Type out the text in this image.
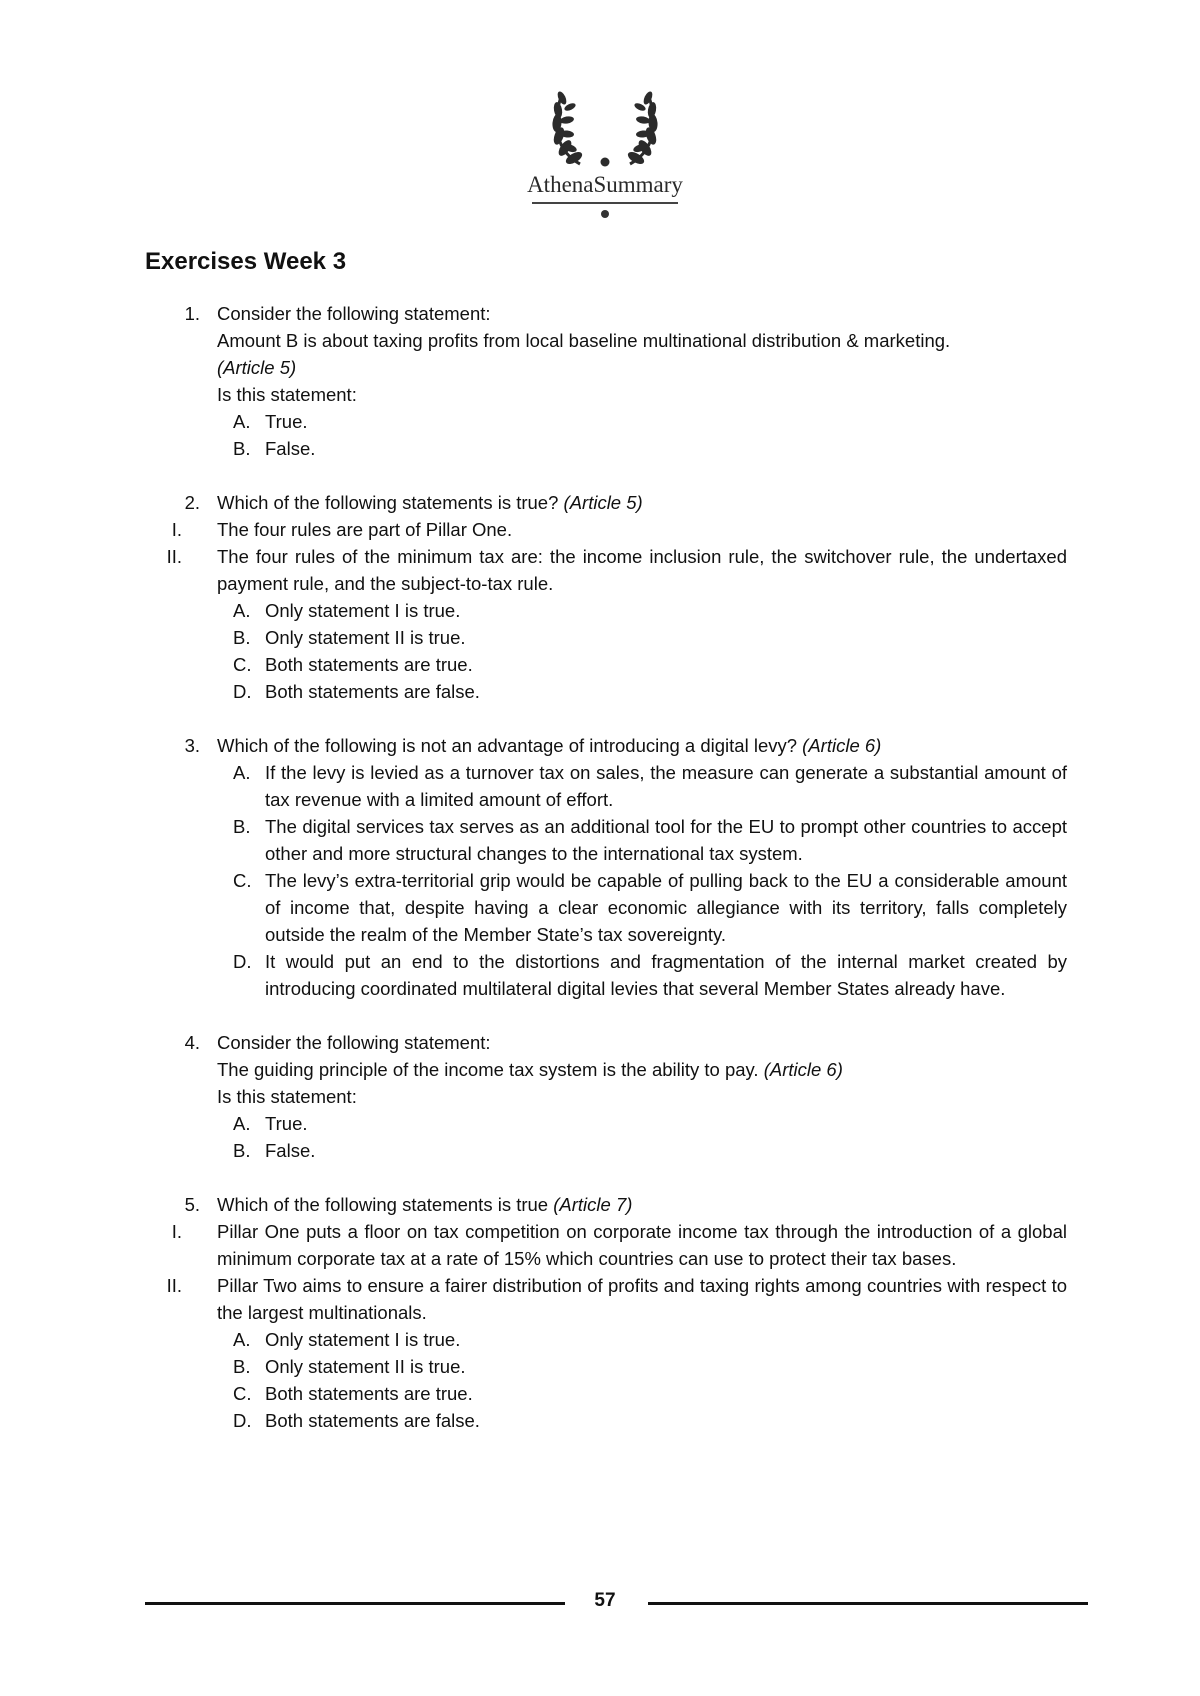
AthenaSummary
Exercises Week 3
1. Consider the following statement:
Amount B is about taxing profits from local baseline multinational distribution & marketing.
(Article 5)
Is this statement:
A. True.
B. False.
2. Which of the following statements is true? (Article 5)
I. The four rules are part of Pillar One.
II. The four rules of the minimum tax are: the income inclusion rule, the switchover rule, the undertaxed payment rule, and the subject-to-tax rule.
A. Only statement I is true.
B. Only statement II is true.
C. Both statements are true.
D. Both statements are false.
3. Which of the following is not an advantage of introducing a digital levy? (Article 6)
A. If the levy is levied as a turnover tax on sales, the measure can generate a substantial amount of tax revenue with a limited amount of effort.
B. The digital services tax serves as an additional tool for the EU to prompt other countries to accept other and more structural changes to the international tax system.
C. The levy’s extra-territorial grip would be capable of pulling back to the EU a considerable amount of income that, despite having a clear economic allegiance with its territory, falls completely outside the realm of the Member State’s tax sovereignty.
D. It would put an end to the distortions and fragmentation of the internal market created by introducing coordinated multilateral digital levies that several Member States already have.
4. Consider the following statement:
The guiding principle of the income tax system is the ability to pay. (Article 6)
Is this statement:
A. True.
B. False.
5. Which of the following statements is true (Article 7)
I. Pillar One puts a floor on tax competition on corporate income tax through the introduction of a global minimum corporate tax at a rate of 15% which countries can use to protect their tax bases.
II. Pillar Two aims to ensure a fairer distribution of profits and taxing rights among countries with respect to the largest multinationals.
A. Only statement I is true.
B. Only statement II is true.
C. Both statements are true.
D. Both statements are false.
57
